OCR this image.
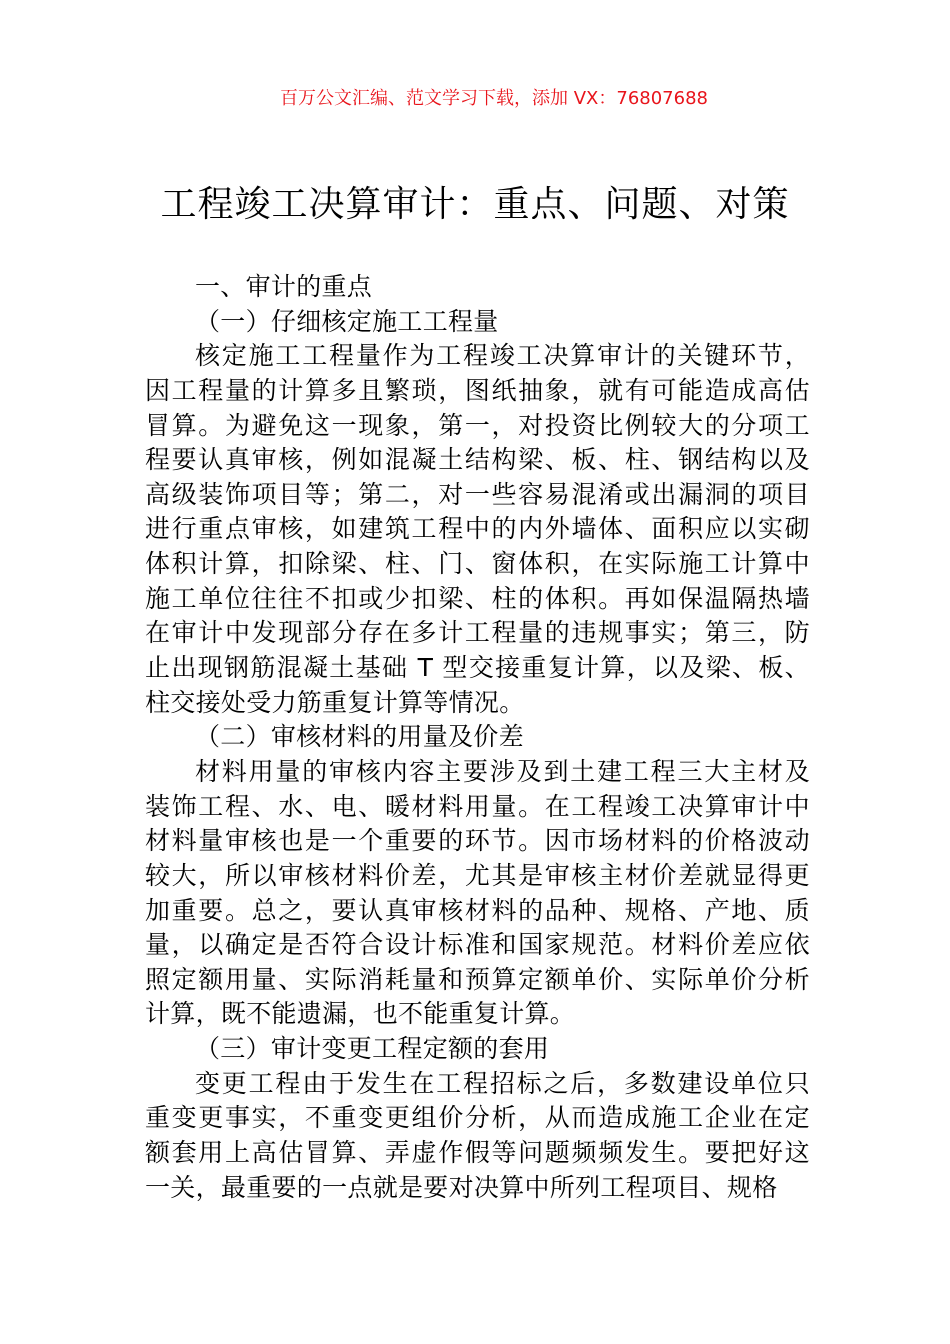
百万公文汇编、范文学习下载，添加 VX：76807688
工程竣工决算审计：重点、问题、对策
一、审计的重点
（一）仔细核定施工工程量
核定施工工程量作为工程竣工决算审计的关键环节，
因工程量的计算多且繁琐，图纸抽象，就有可能造成高估
冒算。为避免这一现象，第一，对投资比例较大的分项工
程要认真审核，例如混凝土结构梁、板、柱、钢结构以及
高级装饰项目等；第二，对一些容易混淆或出漏洞的项目
进行重点审核，如建筑工程中的内外墙体、面积应以实砌
体积计算，扣除梁、柱、门、窗体积，在实际施工计算中
施工单位往往不扣或少扣梁、柱的体积。再如保温隔热墙
在审计中发现部分存在多计工程量的违规事实；第三，防
止出现钢筋混凝土基础 T 型交接重复计算，以及梁、板、
柱交接处受力筋重复计算等情况。
（二）审核材料的用量及价差
材料用量的审核内容主要涉及到土建工程三大主材及
装饰工程、水、电、暖材料用量。在工程竣工决算审计中
材料量审核也是一个重要的环节。因市场材料的价格波动
较大，所以审核材料价差，尤其是审核主材价差就显得更
加重要。总之，要认真审核材料的品种、规格、产地、质
量，以确定是否符合设计标准和国家规范。材料价差应依
照定额用量、实际消耗量和预算定额单价、实际单价分析
计算，既不能遗漏，也不能重复计算。
（三）审计变更工程定额的套用
变更工程由于发生在工程招标之后，多数建设单位只
重变更事实，不重变更组价分析，从而造成施工企业在定
额套用上高估冒算、弄虚作假等问题频频发生。要把好这
一关，最重要的一点就是要对决算中所列工程项目、规格
